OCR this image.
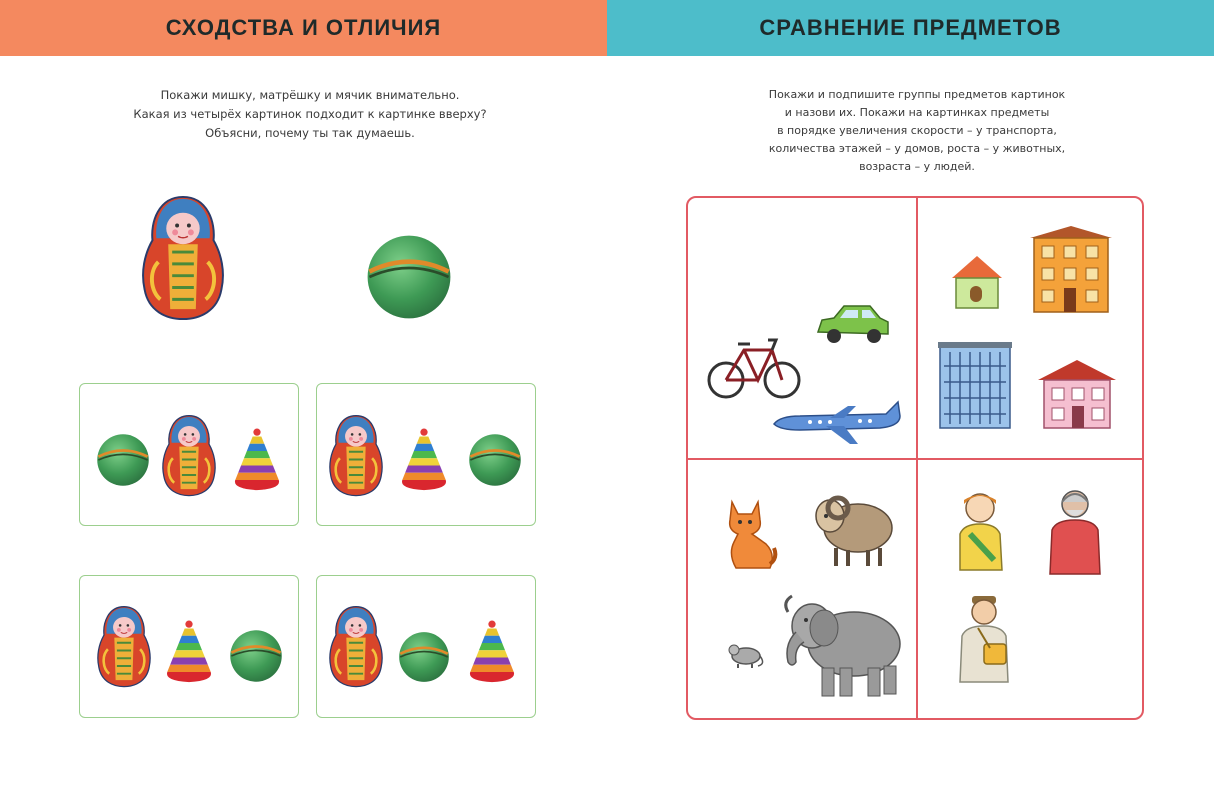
СХОДСТВА И ОТЛИЧИЯ
Покажи мишку, матрёшку и мячик внимательно.
Какая из четырёх картинок подходит к картинке вверху?
Объясни, почему ты так думаешь.
СРАВНЕНИЕ ПРЕДМЕТОВ
Покажи и подпишите группы предметов картинок
и назови их. Покажи на картинках предметы
в порядке увеличения скорости – у транспорта,
количества этажей – у домов, роста – у животных,
возраста – у людей.
